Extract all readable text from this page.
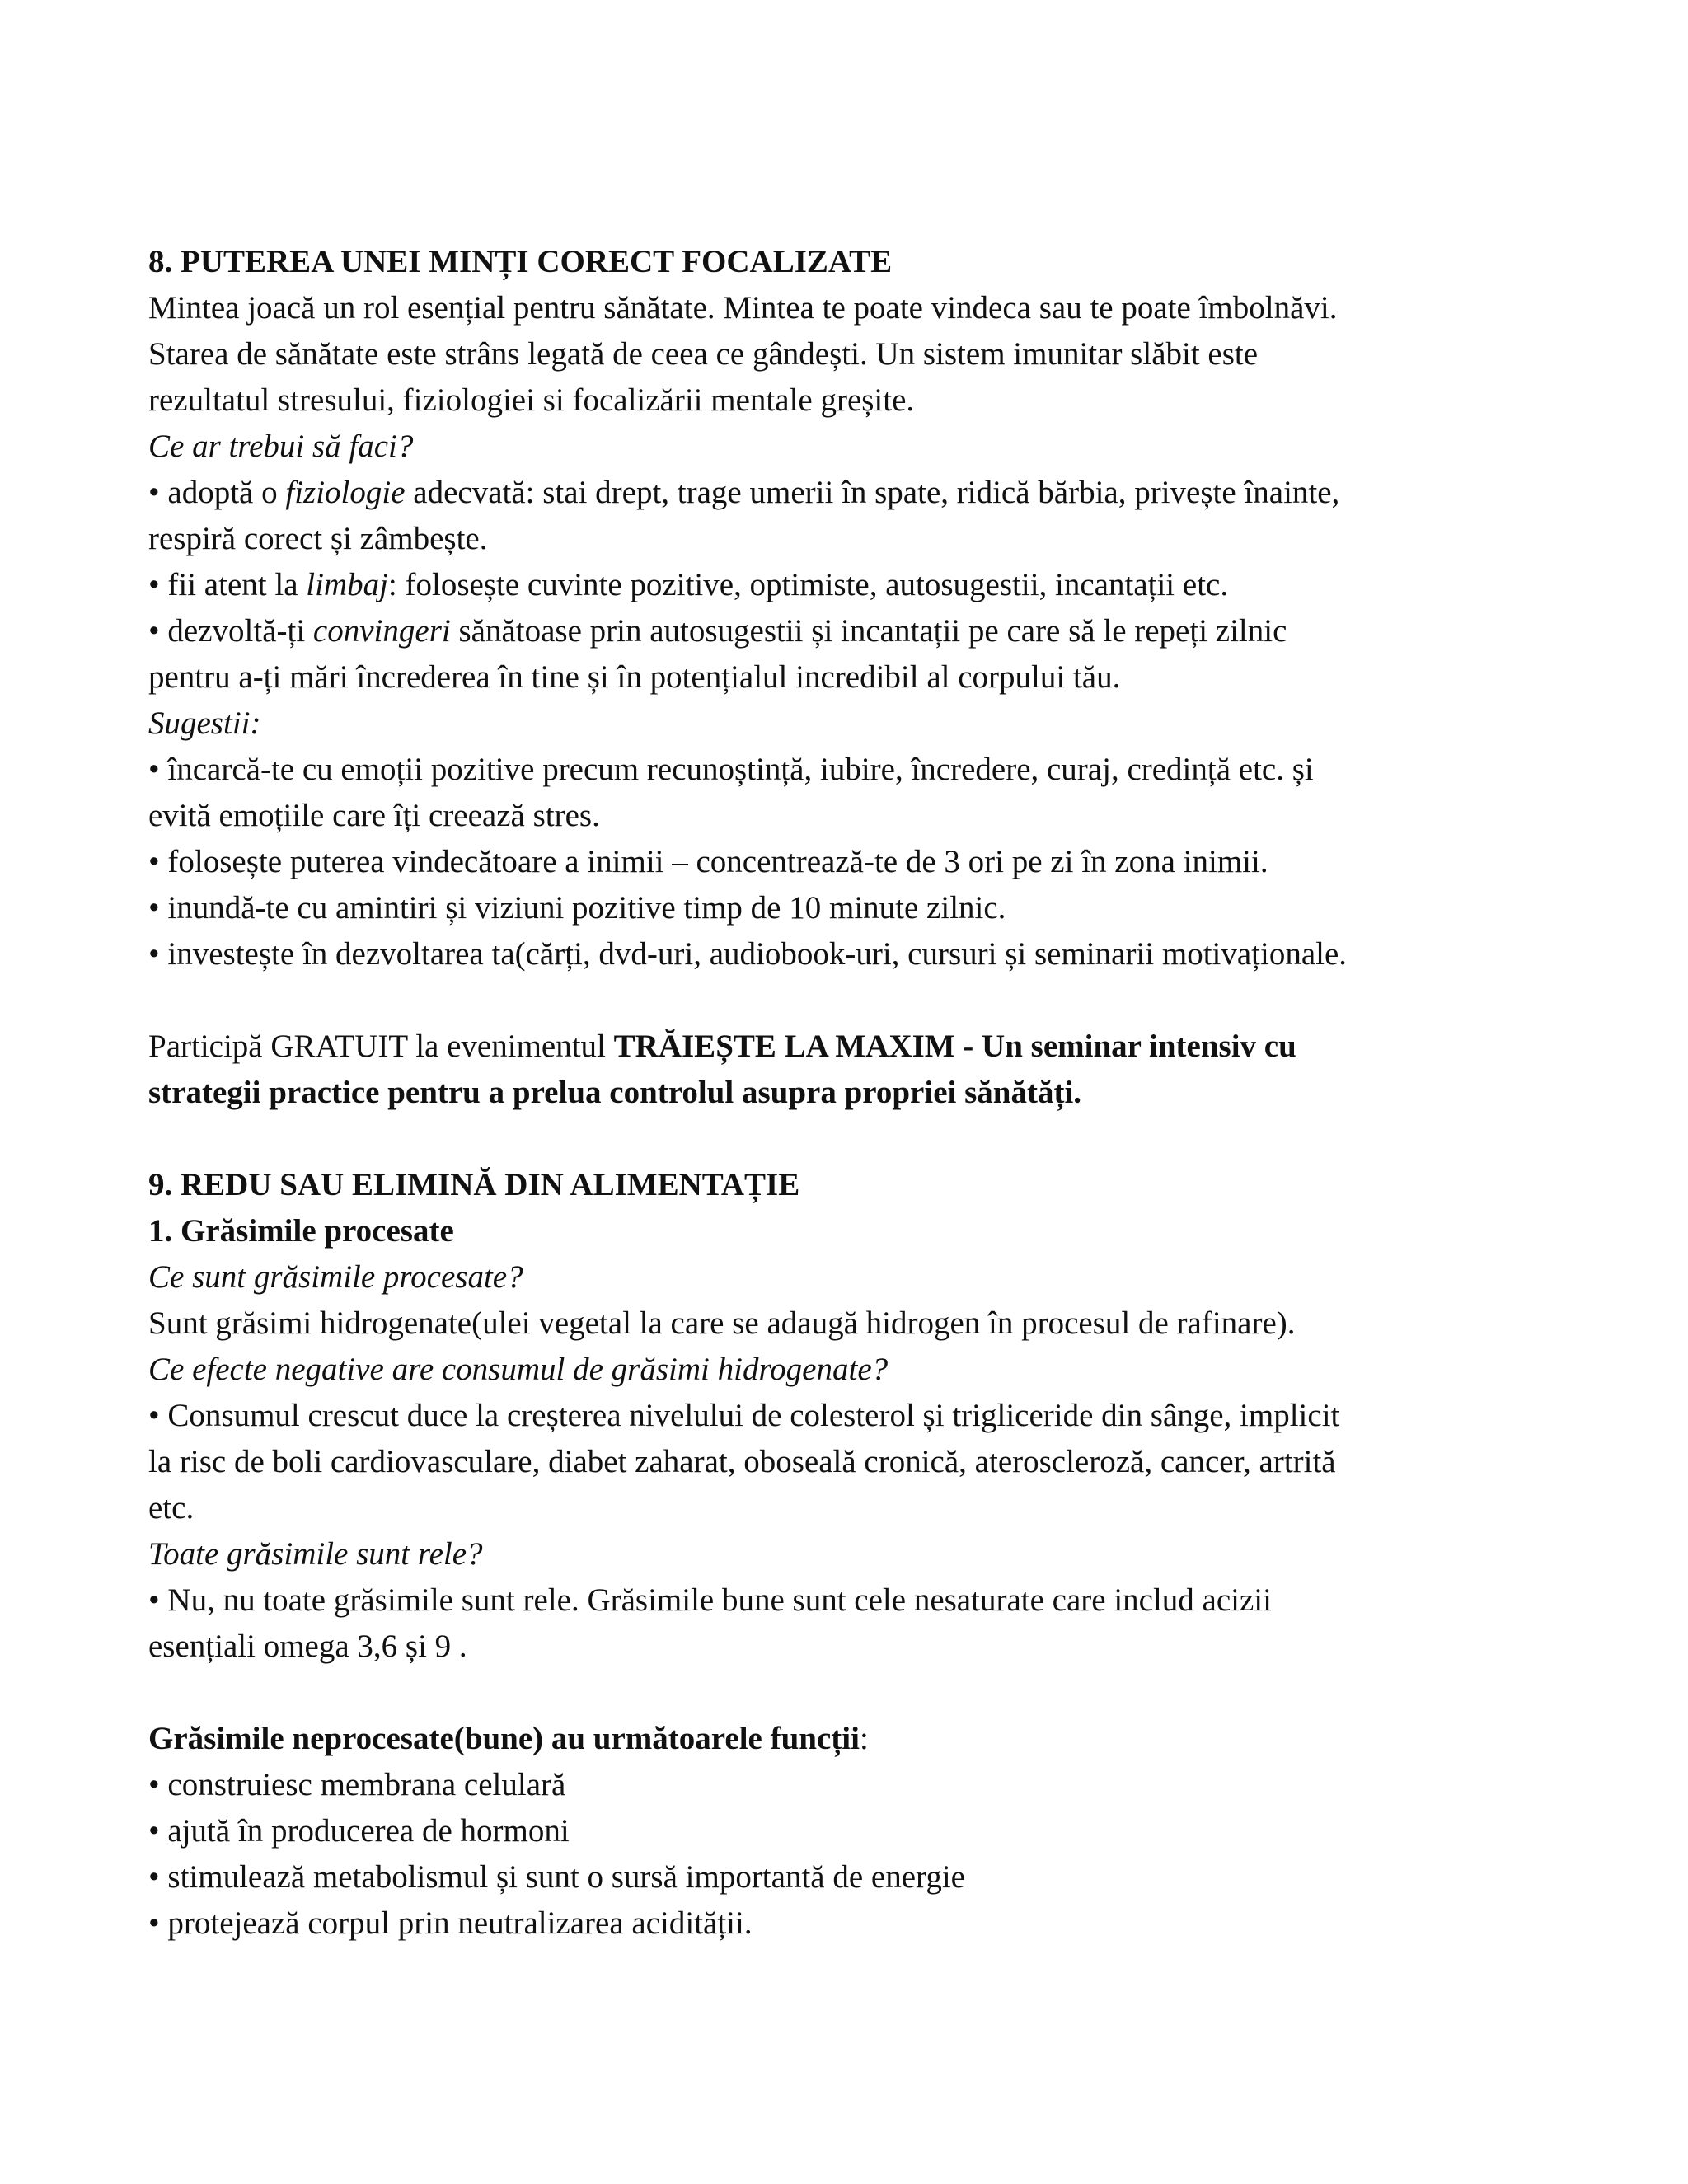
8. PUTEREA UNEI MINȚI CORECT FOCALIZATE
Mintea joacă un rol esențial pentru sănătate. Mintea te poate vindeca sau te poate îmbolnăvi.
Starea de sănătate este strâns legată de ceea ce gândești. Un sistem imunitar slăbit este
rezultatul stresului, fiziologiei si focalizării mentale greșite.
Ce ar trebui să faci?
• adoptă o fiziologie adecvată: stai drept, trage umerii în spate, ridică bărbia, privește înainte,
respiră corect și zâmbește.
• fii atent la limbaj: folosește cuvinte pozitive, optimiste, autosugestii, incantații etc.
• dezvoltă-ți convingeri sănătoase prin autosugestii și incantații pe care să le repeți zilnic
pentru a-ți mări încrederea în tine și în potențialul incredibil al corpului tău.
Sugestii:
• încarcă-te cu emoții pozitive precum recunoștință, iubire, încredere, curaj, credință etc. și
evită emoțiile care îți creează stres.
• folosește puterea vindecătoare a inimii – concentrează-te de 3 ori pe zi în zona inimii.
• inundă-te cu amintiri și viziuni pozitive timp de 10 minute zilnic.
• investește în dezvoltarea ta(cărți, dvd-uri, audiobook-uri, cursuri și seminarii motivaționale.
Participă GRATUIT la evenimentul TRĂIEȘTE LA MAXIM - Un seminar intensiv cu
strategii practice pentru a prelua controlul asupra propriei sănătăți.
9. REDU SAU ELIMINĂ DIN ALIMENTAȚIE
1. Grăsimile procesate
Ce sunt grăsimile procesate?
Sunt grăsimi hidrogenate(ulei vegetal la care se adaugă hidrogen în procesul de rafinare).
Ce efecte negative are consumul de grăsimi hidrogenate?
• Consumul crescut duce la creșterea nivelului de colesterol și trigliceride din sânge, implicit
la risc de boli cardiovasculare, diabet zaharat, oboseală cronică, ateroscleroză, cancer, artrită
etc.
Toate grăsimile sunt rele?
• Nu, nu toate grăsimile sunt rele. Grăsimile bune sunt cele nesaturate care includ acizii
esențiali omega 3,6 și 9 .
Grăsimile neprocesate(bune) au următoarele funcții:
• construiesc membrana celulară
• ajută în producerea de hormoni
• stimulează metabolismul și sunt o sursă importantă de energie
• protejează corpul prin neutralizarea acidității.
